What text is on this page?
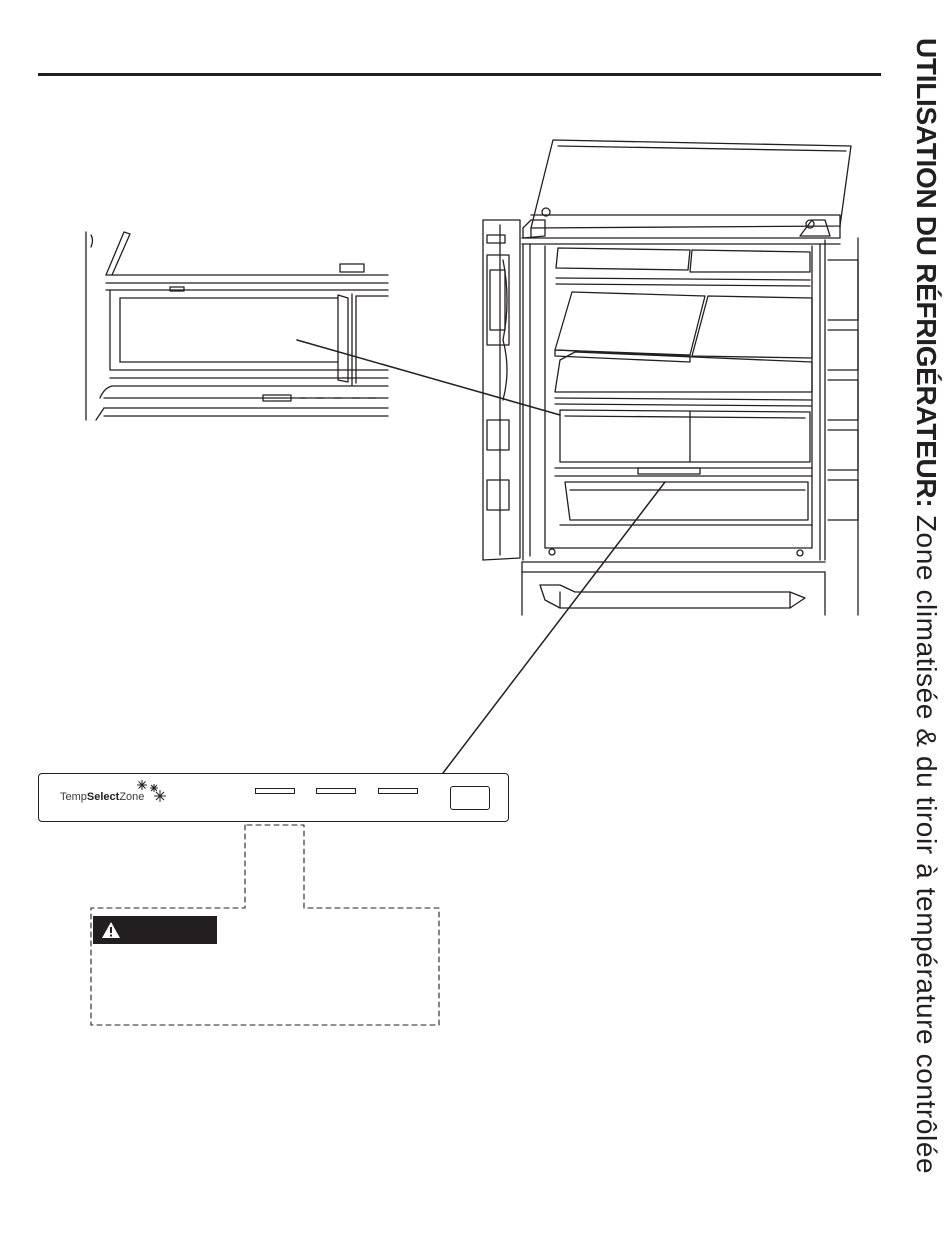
UTILISATION DU RÉFRIGÉRATEUR: Zone climatisée & du tiroir à température contrôlée
TempSelectZone
